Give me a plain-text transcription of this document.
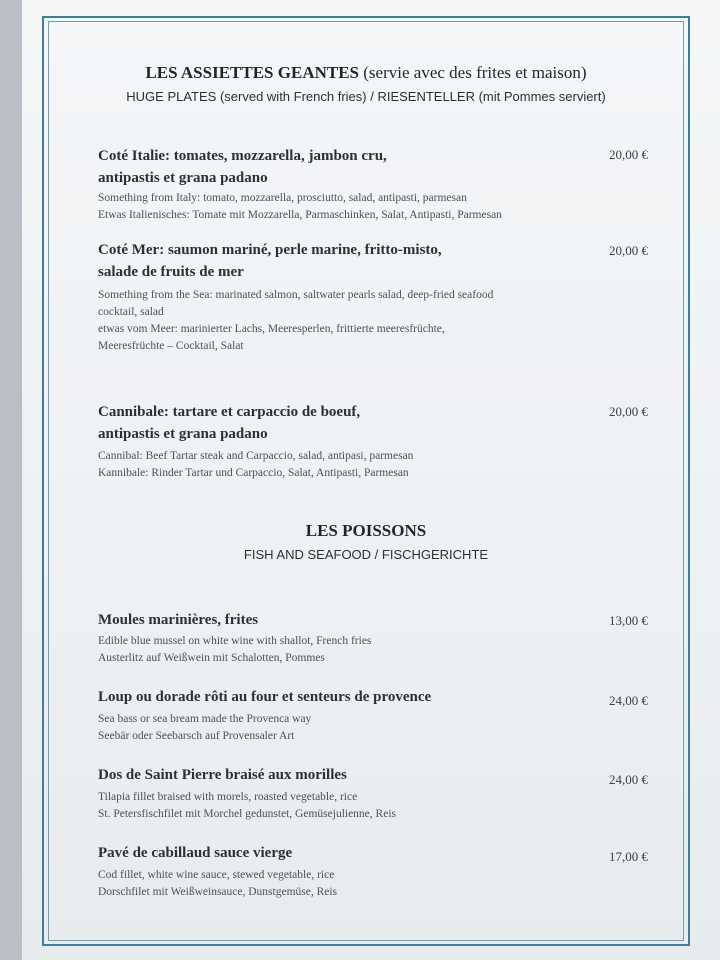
LES ASSIETTES GEANTES (servie avec des frites et maison)
HUGE PLATES (served with French fries) / RIESENTELLER (mit Pommes serviert)
Coté Italie: tomates, mozzarella, jambon cru,
antipastis et grana padano
20,00 €
Something from Italy: tomato, mozzarella, prosciutto, salad, antipasti, parmesan
Etwas Italienisches: Tomate mit Mozzarella, Parmaschinken, Salat, Antipasti, Parmesan
Coté Mer: saumon mariné, perle marine, fritto-misto,
salade de fruits de mer
20,00 €
Something from the Sea: marinated salmon, saltwater pearls salad, deep-fried seafood
cocktail, salad
etwas vom Meer: marinierter Lachs, Meeresperlen, frittierte meeresfrüchte,
Meeresfrüchte – Cocktail, Salat
Cannibale: tartare et carpaccio de boeuf,
antipastis et grana padano
20,00 €
Cannibal: Beef Tartar steak and Carpaccio, salad, antipasi, parmesan
Kannibale: Rinder Tartar und Carpaccio, Salat, Antipasti, Parmesan
LES POISSONS
FISH AND SEAFOOD / FISCHGERICHTE
Moules marinières, frites	13,00 €
Edible blue mussel on white wine with shallot, French fries
Austerlitz auf Weißwein mit Schalotten, Pommes
Loup ou dorade rôti au four et senteurs de provence	24,00 €
Sea bass or sea bream made the Provenca way
Seebär oder Seebarsch auf Provensaler Art
Dos de Saint Pierre braisé aux morilles	24,00 €
Tilapia fillet braised with morels, roasted vegetable, rice
St. Petersfischfilet mit Morchel gedunstet, Gemüsejulienne, Reis
Pavé de cabillaud sauce vierge	17,00 €
Cod fillet, white wine sauce, stewed vegetable, rice
Dorschfilet mit Weißweinsauce, Dunstgemüse, Reis
